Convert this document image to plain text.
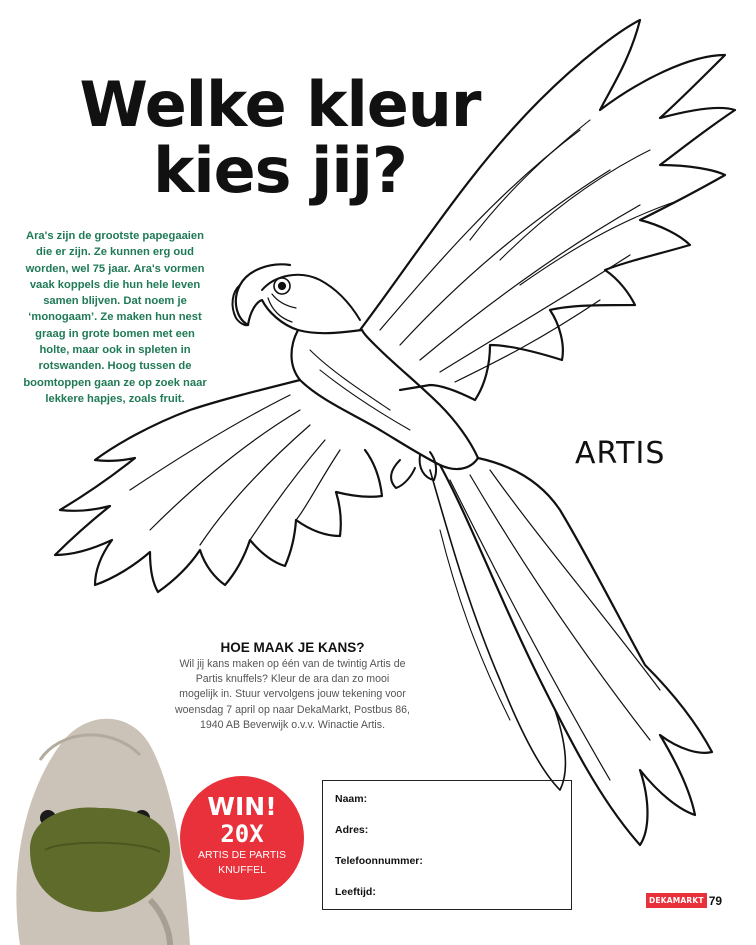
Welke kleur
kies jij?

Ara's zijn de grootste papegaaien die er zijn. Ze kunnen erg oud worden, wel 75 jaar. Ara's vormen vaak koppels die hun hele leven samen blijven. Dat noem je ‘monogaam’. Ze maken hun nest graag in grote bomen met een holte, maar ook in spleten in rotswanden. Hoog tussen de boomtoppen gaan ze op zoek naar lekkere hapjes, zoals fruit.

ARTIS
HOE MAAK JE KANS?

Wil jij kans maken op één van de twintig Artis de Partis knuffels? Kleur de ara dan zo mooi mogelijk in. Stuur vervolgens jouw tekening voor woensdag 7 april op naar DekaMarkt, Postbus 86, 1940 AB Beverwijk o.v.v. Winactie Artis.

WIN!
20X
ARTIS DE PARTIS
KNUFFEL
Naam:
Adres:
Telefoonnummer:
Leeftijd:
DEKAMARKT 79
